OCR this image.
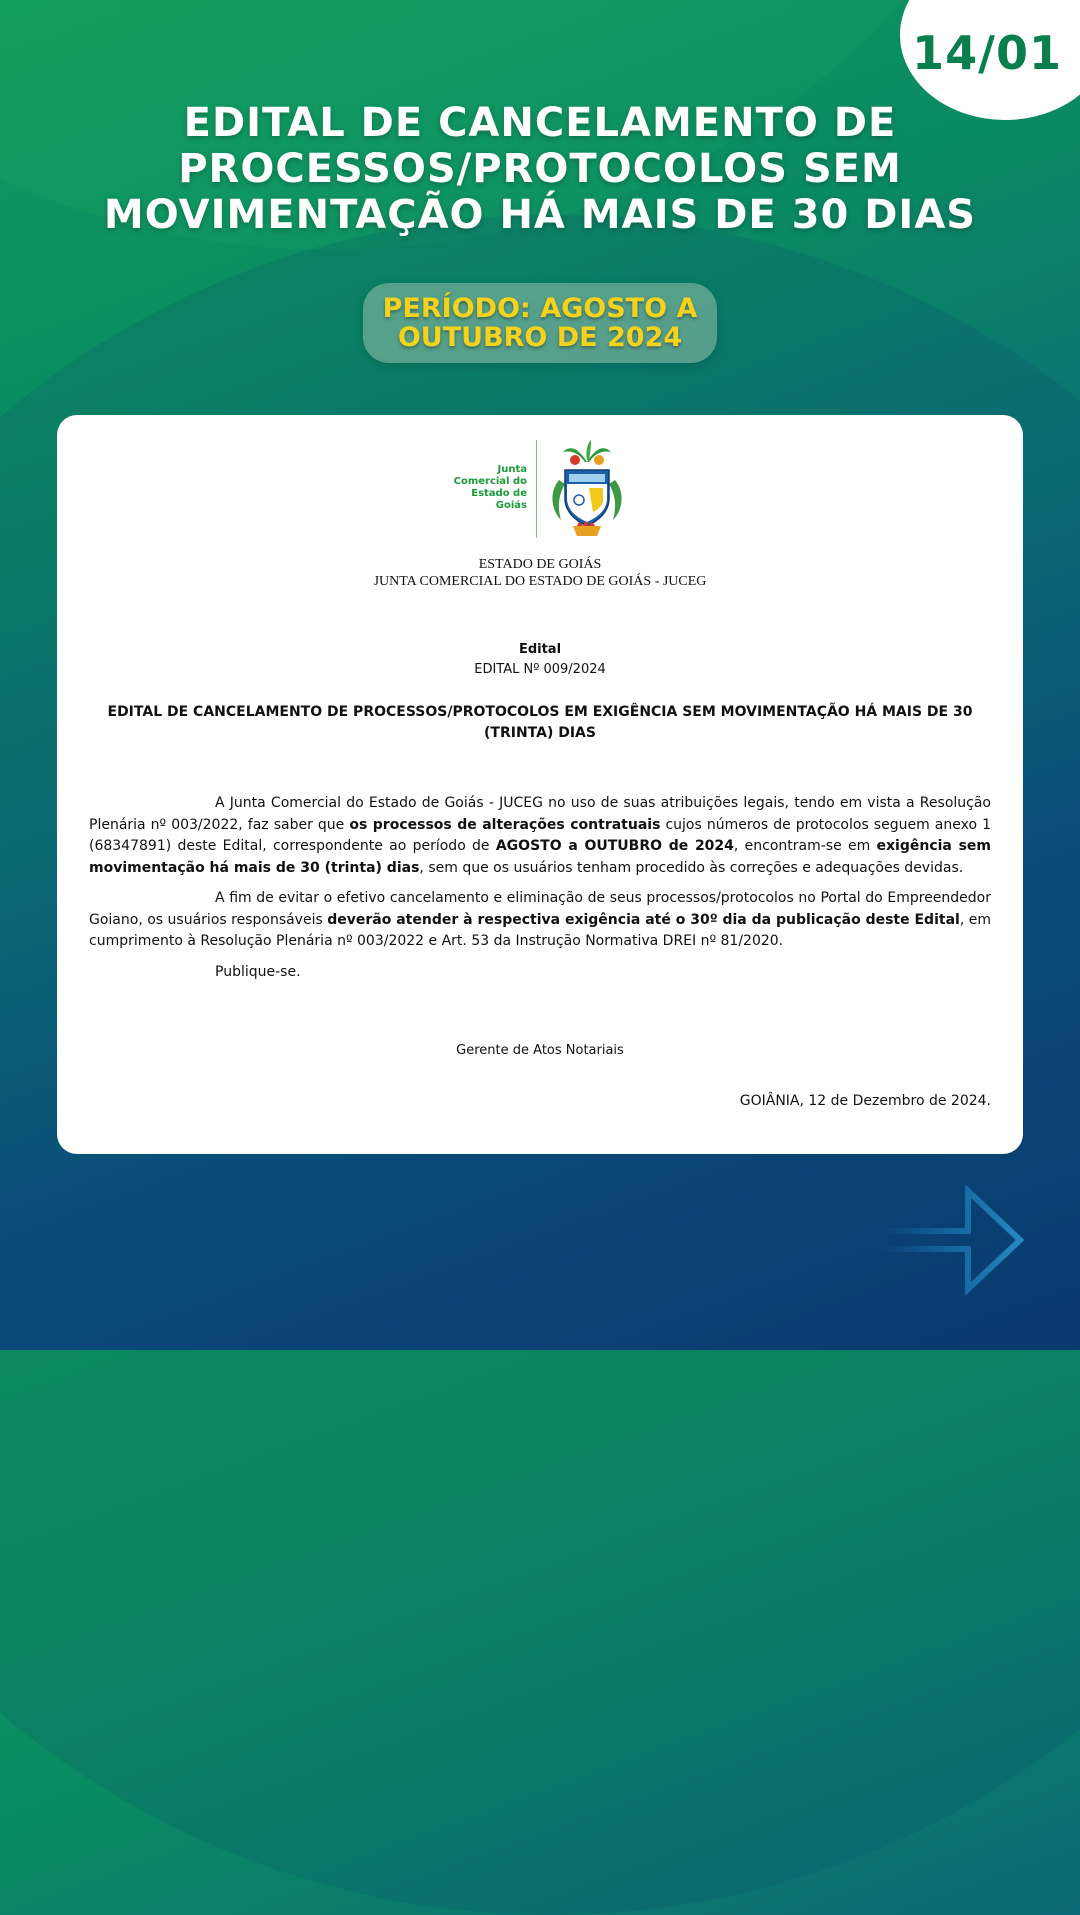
14/01
EDITAL DE CANCELAMENTO DE
PROCESSOS/PROTOCOLOS SEM
MOVIMENTAÇÃO HÁ MAIS DE 30 DIAS
PERÍODO: AGOSTO A
OUTUBRO DE 2024
Junta
Comercial do
Estado de
Goiás
ESTADO DE GOIÁS
JUNTA COMERCIAL DO ESTADO DE GOIÁS - JUCEG
Edital
EDITAL Nº 009/2024
EDITAL DE CANCELAMENTO DE PROCESSOS/PROTOCOLOS EM EXIGÊNCIA SEM MOVIMENTAÇÃO HÁ MAIS DE 30 (TRINTA) DIAS

A Junta Comercial do Estado de Goiás - JUCEG no uso de suas atribuições legais, tendo em vista a Resolução Plenária nº 003/2022, faz saber que os processos de alterações contratuais cujos números de protocolos seguem anexo 1 (68347891) deste Edital, correspondente ao período de AGOSTO a OUTUBRO de 2024, encontram-se em exigência sem movimentação há mais de 30 (trinta) dias, sem que os usuários tenham procedido às correções e adequações devidas.

A fim de evitar o efetivo cancelamento e eliminação de seus processos/protocolos no Portal do Empreendedor Goiano, os usuários responsáveis deverão atender à respectiva exigência até o 30º dia da publicação deste Edital, em cumprimento à Resolução Plenária nº 003/2022 e Art. 53 da Instrução Normativa DREI nº 81/2020.

Publique-se.

Gerente de Atos Notariais
GOIÂNIA, 12 de Dezembro de 2024.
